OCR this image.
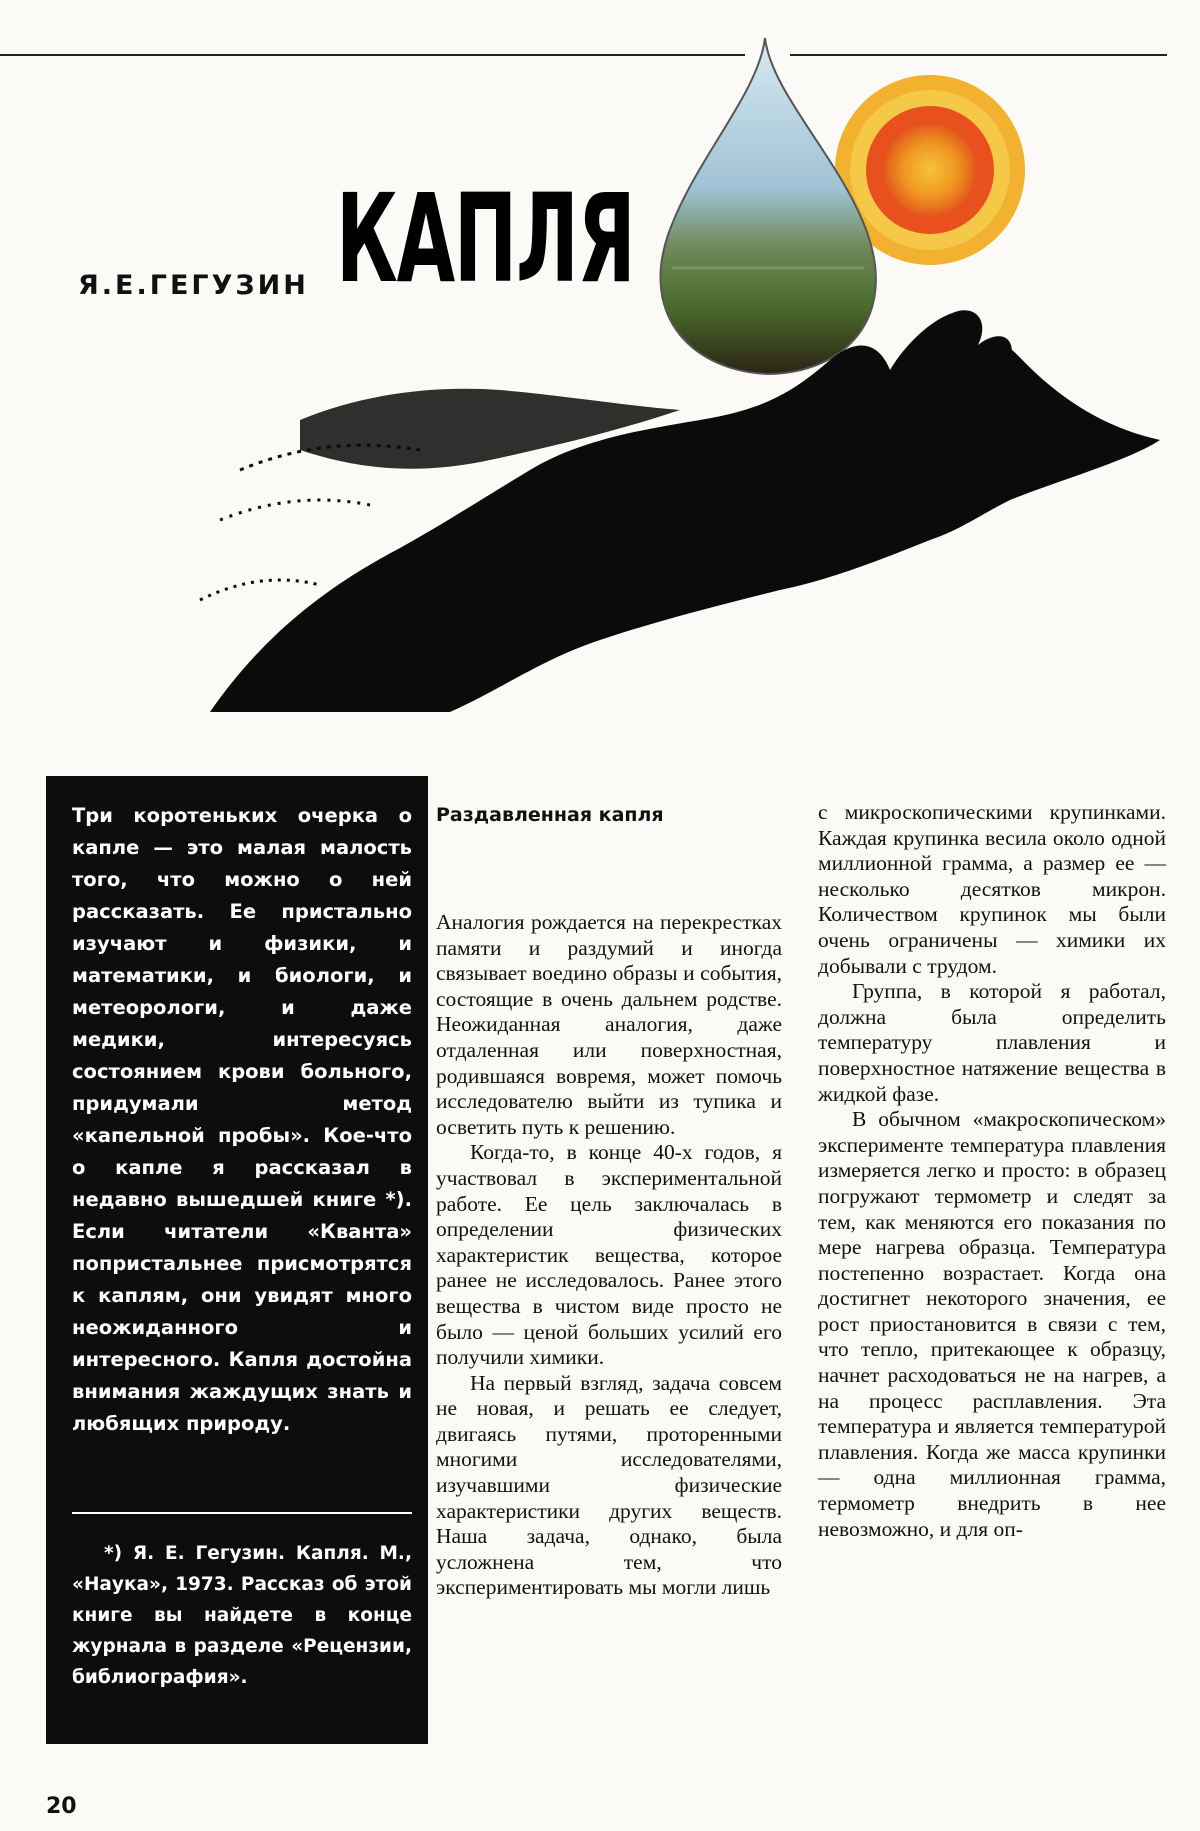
Я.Е.ГЕГУЗИН КАПЛЯ

Три коротеньких очерка о капле — это малая малость того, что можно о ней рассказать. Ее пристально изучают и физики, и математики, и биологи, и метеорологи, и даже медики, интересуясь состоянием крови больного, придумали метод «капельной пробы». Кое-что о капле я рассказал в недавно вышедшей книге *). Если читатели «Кванта» попристальнее присмотрятся к каплям, они увидят много неожиданного и интересного. Капля достойна внимания жаждущих знать и любящих природу.

*) Я. Е. Гегузин. Капля. М., «Наука», 1973. Рассказ об этой книге вы найдете в конце журнала в разделе «Рецензии, библиография».

Раздавленная капля

Аналогия рождается на перекрестках памяти и раздумий и иногда связывает воедино образы и события, состоящие в очень дальнем родстве. Неожиданная аналогия, даже отдаленная или поверхностная, родившаяся вовремя, может помочь исследователю выйти из тупика и осветить путь к решению.

Когда-то, в конце 40-х годов, я участвовал в экспериментальной работе. Ее цель заключалась в определении физических характеристик вещества, которое ранее не исследовалось. Ранее этого вещества в чистом виде просто не было — ценой больших усилий его получили химики.

На первый взгляд, задача совсем не новая, и решать ее следует, двигаясь путями, проторенными многими исследователями, изучавшими физические характеристики других веществ. Наша задача, однако, была усложнена тем, что экспериментировать мы могли лишь

с микроскопическими крупинками. Каждая крупинка весила около одной миллионной грамма, а размер ее — несколько десятков микрон. Количеством крупинок мы были очень ограничены — химики их добывали с трудом.

Группа, в которой я работал, должна была определить температуру плавления и поверхностное натяжение вещества в жидкой фазе.

В обычном «макроскопическом» эксперименте температура плавления измеряется легко и просто: в образец погружают термометр и следят за тем, как меняются его показания по мере нагрева образца. Температура постепенно возрастает. Когда она достигнет некоторого значения, ее рост приостановится в связи с тем, что тепло, притекающее к образцу, начнет расходоваться не на нагрев, а на процесс расплавления. Эта температура и является температурой плавления. Когда же масса крупинки — одна миллионная грамма, термометр внедрить в нее невозможно, и для оп-

20
